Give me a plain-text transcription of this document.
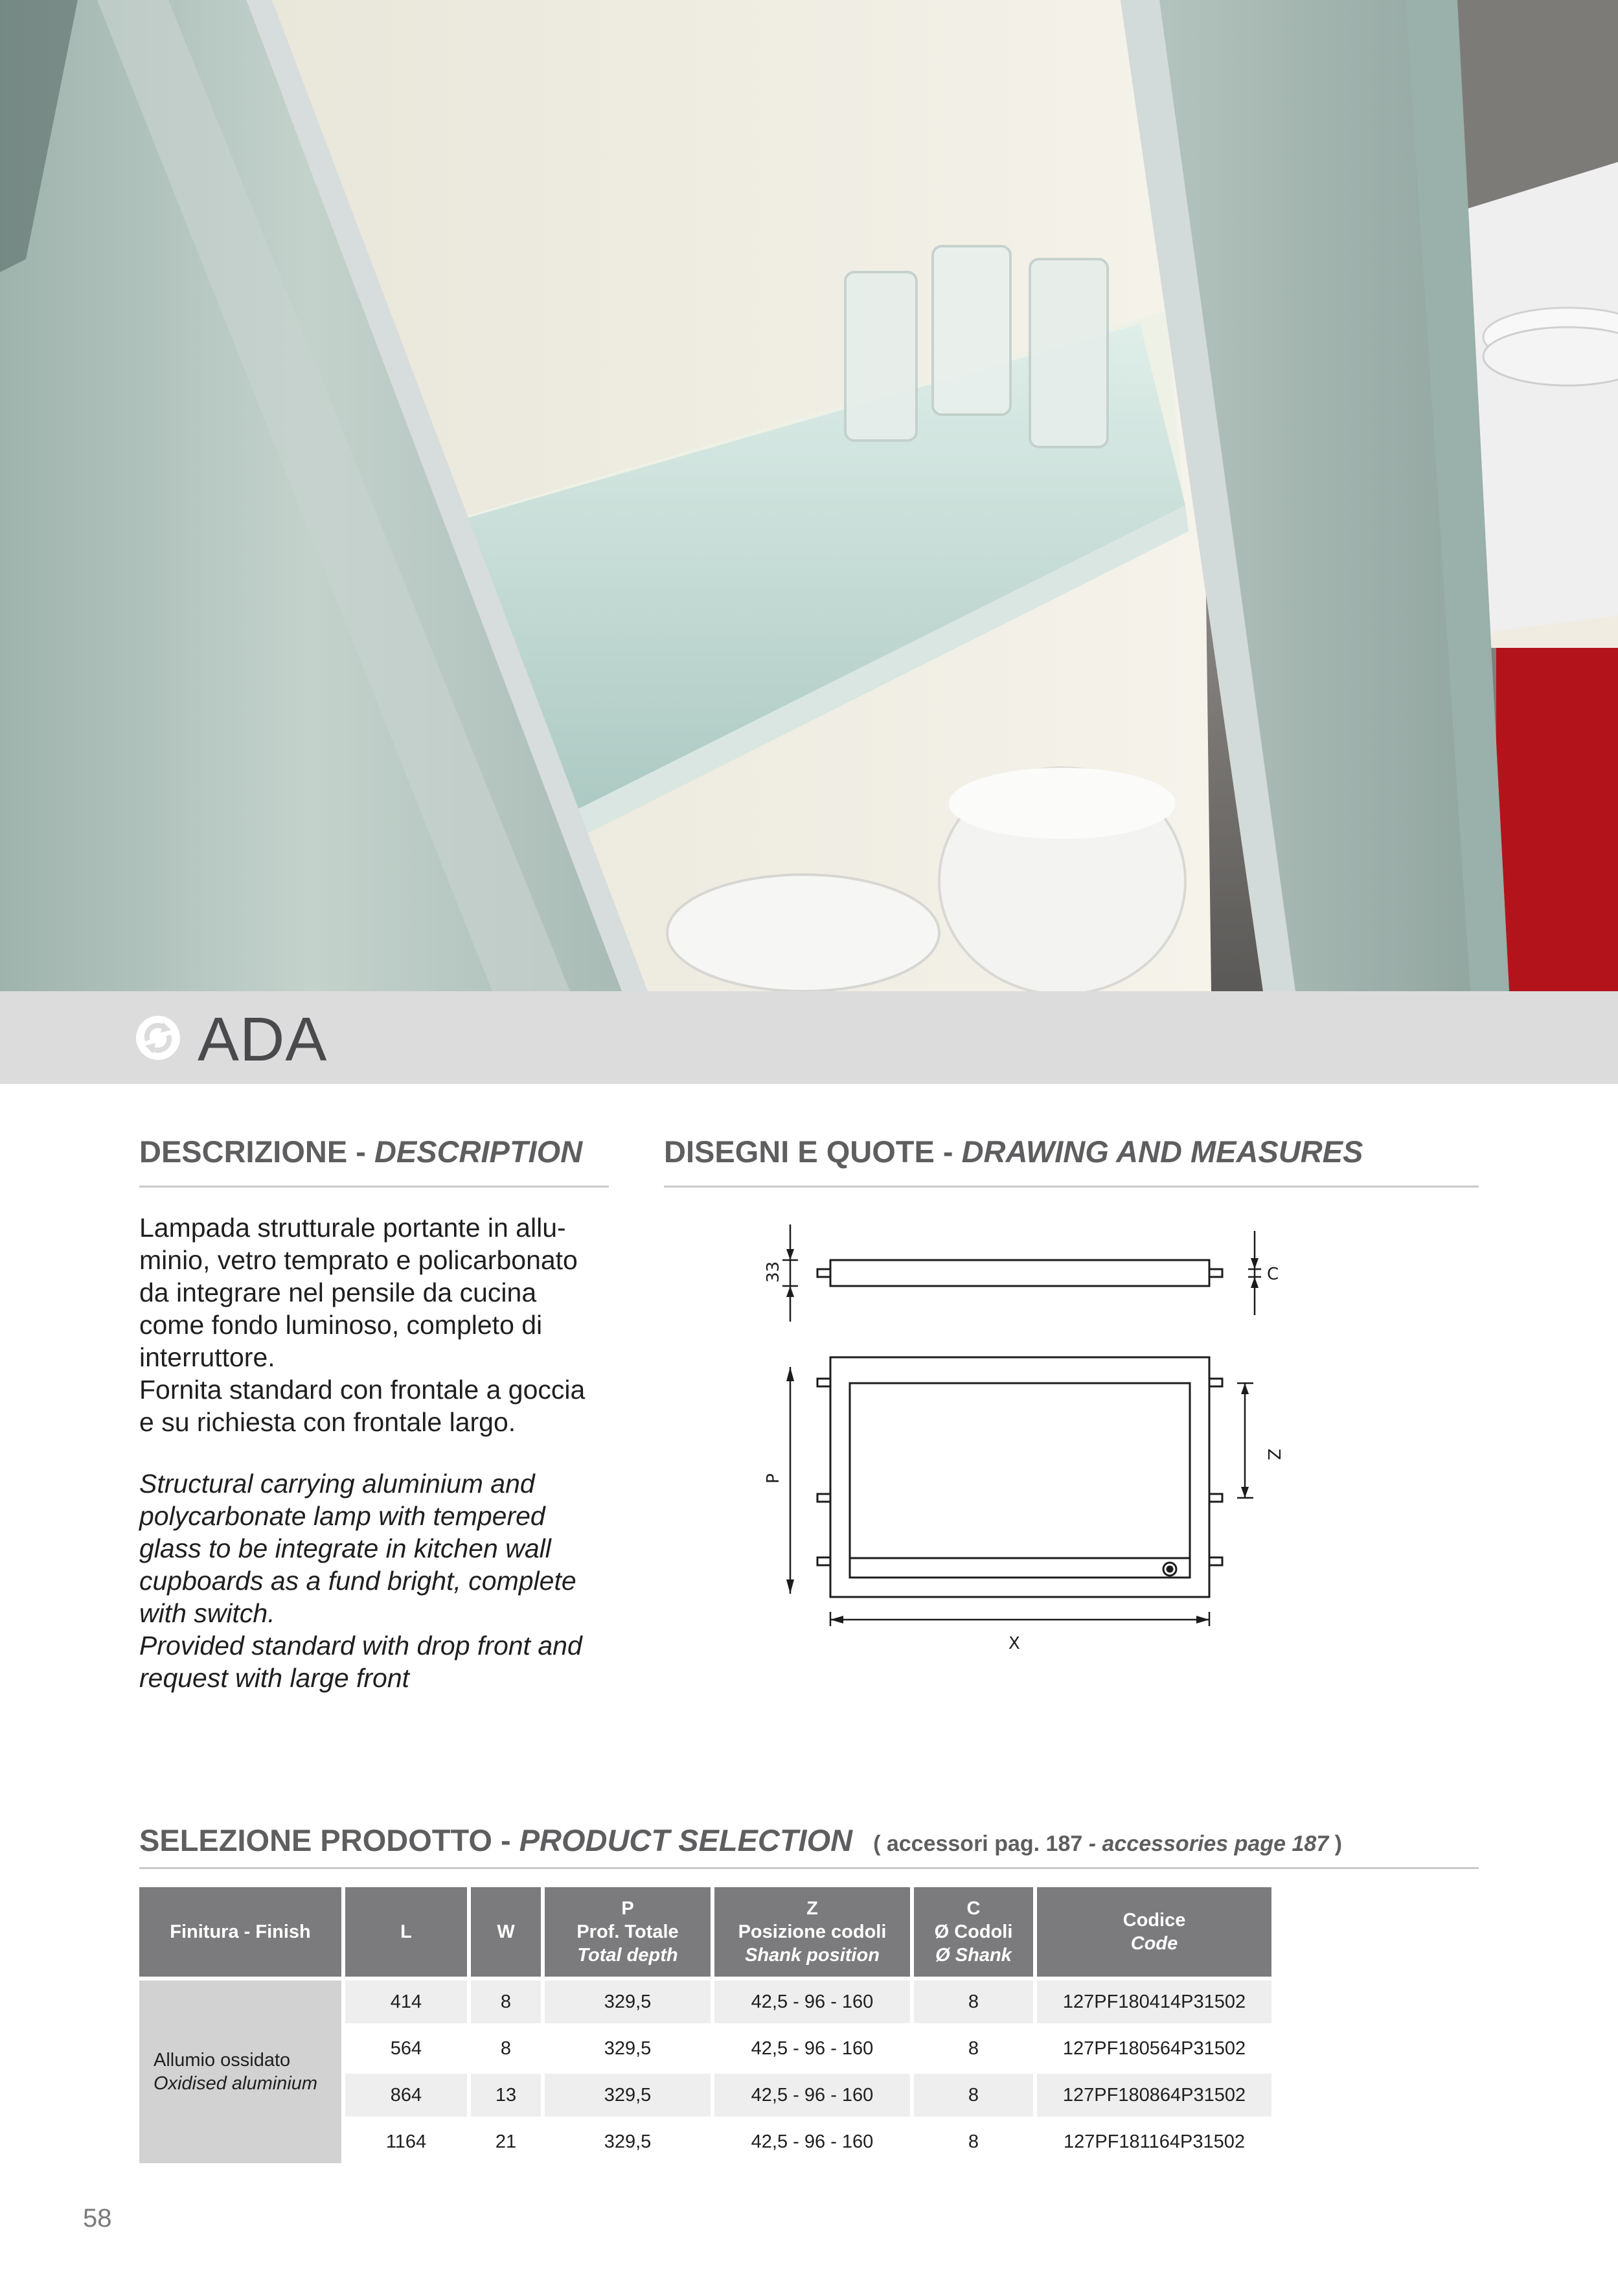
ADA
DESCRIZIONE - DESCRIPTION

Lampada strutturale portante in allu-

minio, vetro temprato e policarbonato

da integrare nel pensile da cucina

come fondo luminoso, completo di

interruttore.

Fornita standard con frontale a goccia

e su richiesta con frontale largo.

Structural carrying aluminium and

polycarbonate lamp with tempered

glass to be integrate in kitchen wall

cupboards as a fund bright, complete

with switch.

Provided standard with drop front and

request with large front

DISEGNI E QUOTE - DRAWING AND MEASURES
33	C
P
Z
X
SELEZIONE PRODOTTO - PRODUCT SELECTION ( accessori pag. 187 - accessories page 187 )
Finitura - Finish	L	W	P
Prof. Totale
Total depth	Z
Posizione codoli
Shank position	C
Ø Codoli
Ø Shank	Codice
Code

Allumio ossidato
Oxidised aluminium	414	8	329,5	42,5 - 96 - 160	8	127PF180414P31502
	564	8	329,5	42,5 - 96 - 160	8	127PF180564P31502
	864	13	329,5	42,5 - 96 - 160	8	127PF180864P31502
	1164	21	329,5	42,5 - 96 - 160	8	127PF181164P31502
58
